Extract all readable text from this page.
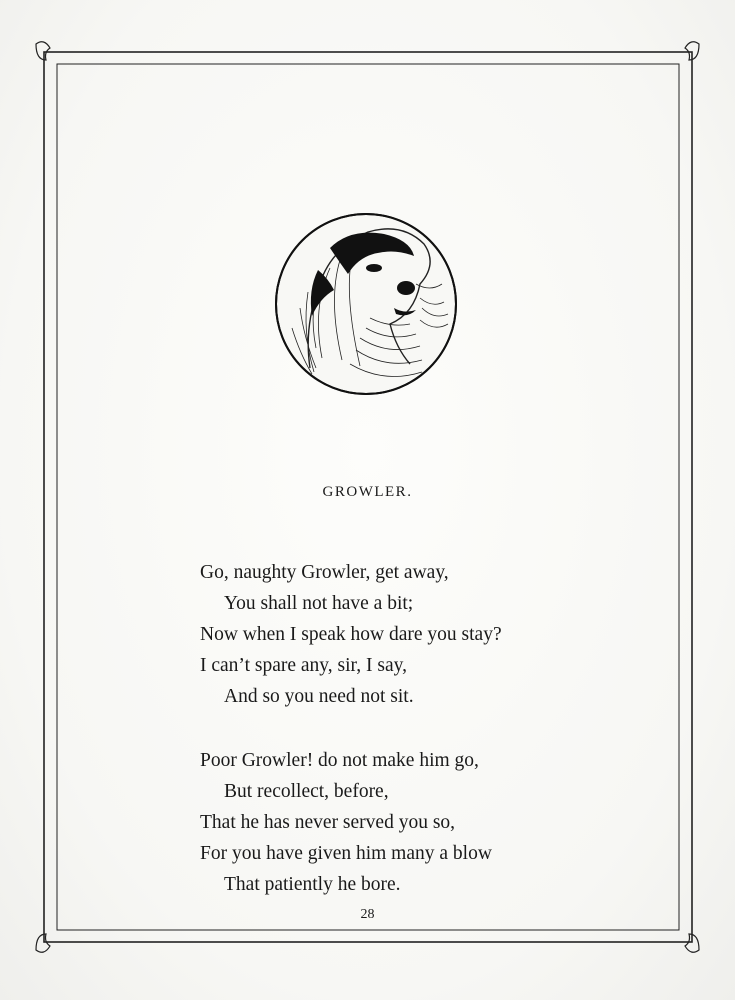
GROWLER.
Go, naughty Growler, get away,
You shall not have a bit;
Now when I speak how dare you stay?
I can’t spare any, sir, I say,
And so you need not sit.
Poor Growler! do not make him go,
But recollect, before,
That he has never served you so,
For you have given him many a blow
That patiently he bore.
28
